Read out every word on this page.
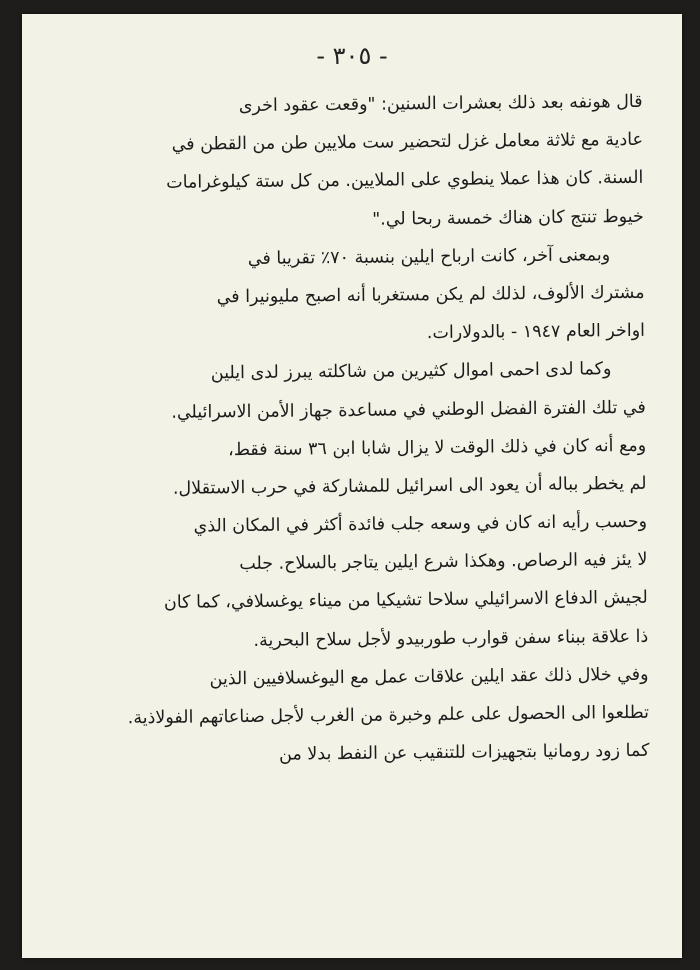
- ٣٠٥ -
قال هونفه بعد ذلك بعشرات السنين: "وقعت عقود اخرى
عادية مع ثلاثة معامل غزل لتحضير ست ملايين طن من القطن في
السنة. كان هذا عملا ينطوي على الملايين. من كل ستة كيلوغرامات
خيوط تنتج كان هناك خمسة ربحا لي."
وبمعنى آخر، كانت ارباح ايلين بنسبة ٧٠٪ تقريبا في
مشترك الألوف، لذلك لم يكن مستغربا أنه اصبح مليونيرا في
اواخر العام ١٩٤٧ - بالدولارات.
وكما لدى احمى اموال كثيرين من شاكلته يبرز لدى ايلين
في تلك الفترة الفضل الوطني في مساعدة جهاز الأمن الاسرائيلي.
ومع أنه كان في ذلك الوقت لا يزال شابا ابن ٣٦ سنة فقط،
لم يخطر بباله أن يعود الى اسرائيل للمشاركة في حرب الاستقلال.
وحسب رأيه انه كان في وسعه جلب فائدة أكثر في المكان الذي
لا يئز فيه الرصاص. وهكذا شرع ايلين يتاجر بالسلاح. جلب
لجيش الدفاع الاسرائيلي سلاحا تشيكيا من ميناء يوغسلافي، كما كان
ذا علاقة ببناء سفن قوارب طوربيدو لأجل سلاح البحرية.
وفي خلال ذلك عقد ايلين علاقات عمل مع اليوغسلافيين الذين
تطلعوا الى الحصول على علم وخبرة من الغرب لأجل صناعاتهم الفولاذية.
كما زود رومانيا بتجهيزات للتنقيب عن النفط بدلا من
